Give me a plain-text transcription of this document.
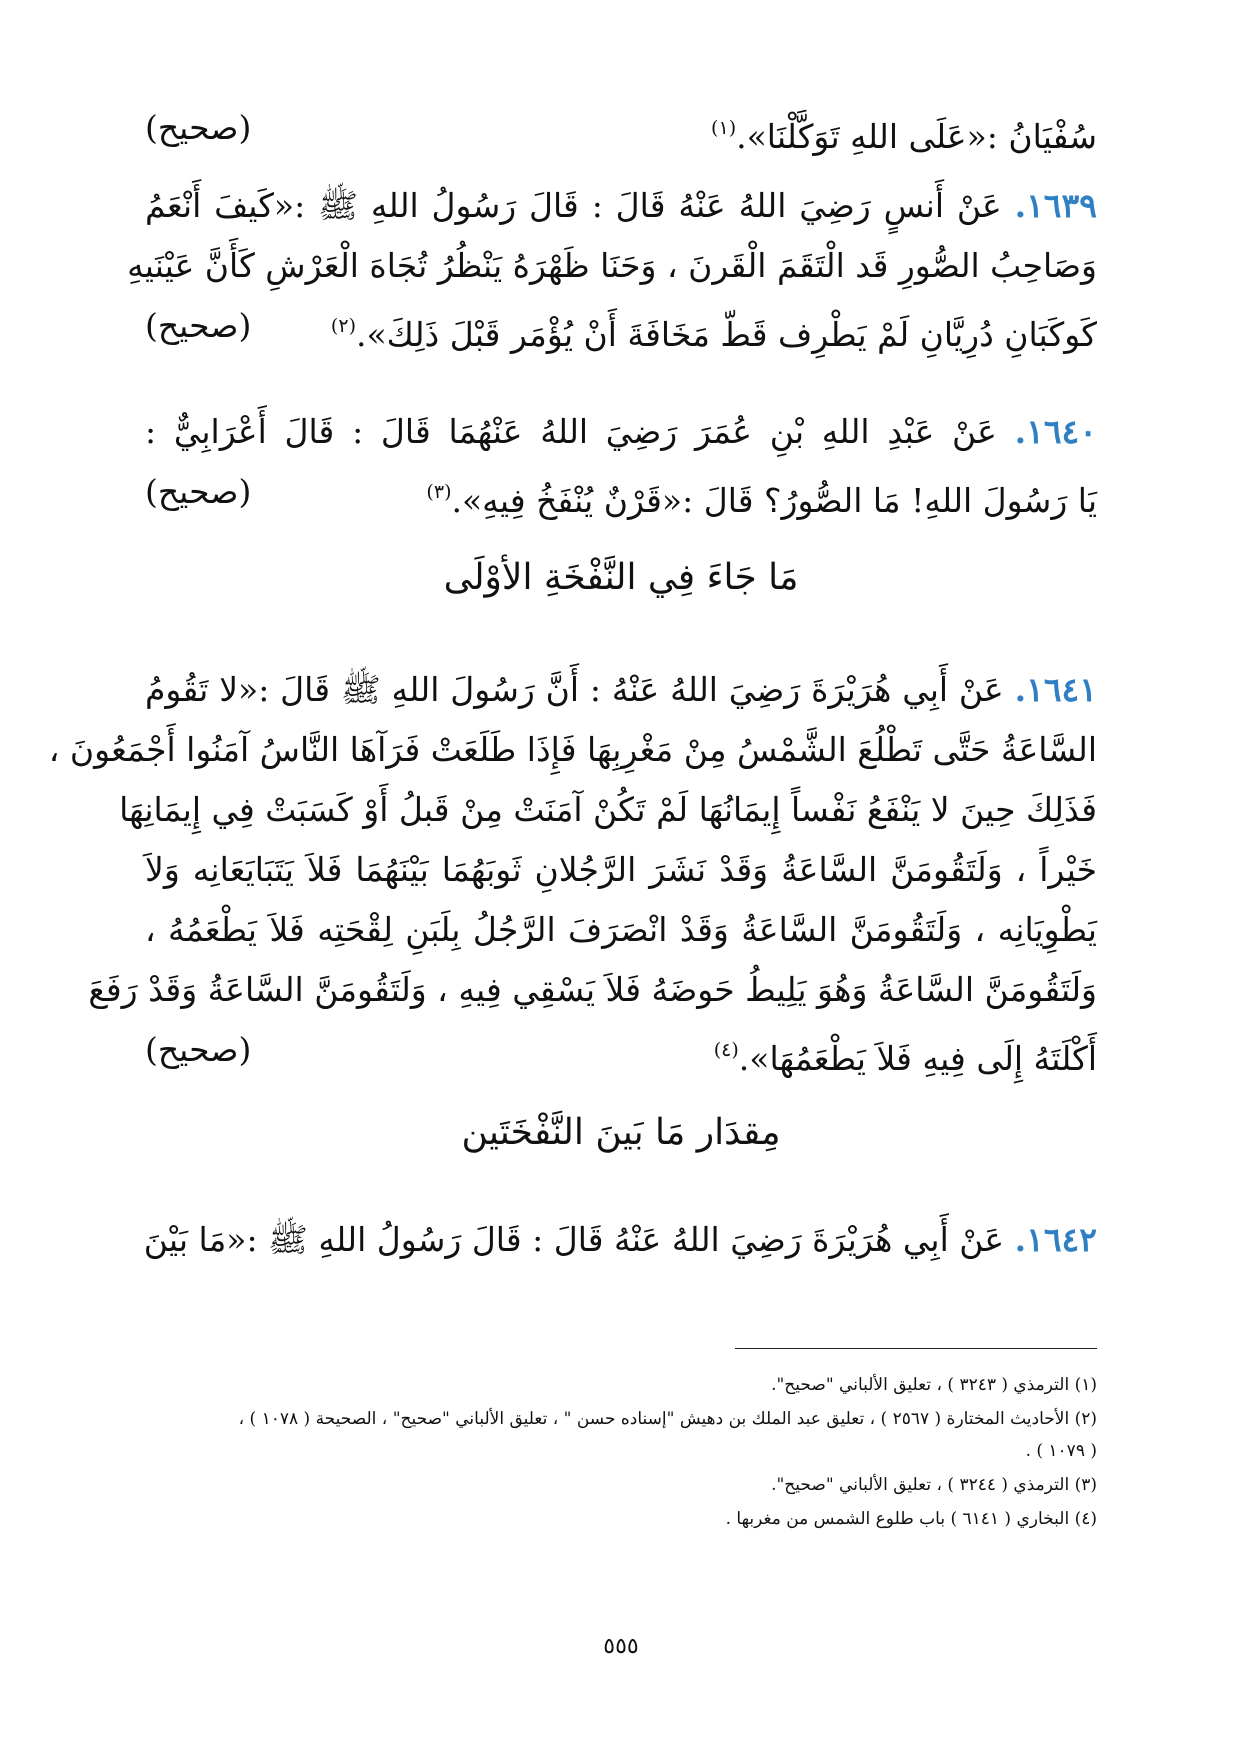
سُفْيَانُ :«عَلَى اللهِ تَوَكَّلْنَا».$^{(١)}$
(صحيح)
١٦٣٩. عَنْ أَنسٍ رَضِيَ اللهُ عَنْهُ قَالَ : قَالَ رَسُولُ اللهِ ﷺ :«كَيفَ أَنْعَمُ
وَصَاحِبُ الصُّورِ قَد الْتَقَمَ الْقَرنَ ، وَحَنَا ظَهْرَهُ يَنْظُرُ تُجَاهَ الْعَرْشِ كَأَنَّ عَيْنَيهِ
كَوكَبَانِ دُرِيَّانِ لَمْ يَطْرِف قَطّ مَخَافَةَ أَنْ يُؤْمَر قَبْلَ ذَلِكَ».$^{(٢)}$
(صحيح)
١٦٤٠. عَنْ عَبْدِ اللهِ بْنِ عُمَرَ رَضِيَ اللهُ عَنْهُمَا قَالَ : قَالَ أَعْرَابِيٌّ :
يَا رَسُولَ اللهِ! مَا الصُّورُ؟ قَالَ :«قَرْنٌ يُنْفَخُ فِيهِ».$^{(٣)}$
(صحيح)
مَا جَاءَ فِي النَّفْخَةِ الأوْلَى
١٦٤١. عَنْ أَبِي هُرَيْرَةَ رَضِيَ اللهُ عَنْهُ : أَنَّ رَسُولَ اللهِ ﷺ قَالَ :«لا تَقُومُ
السَّاعَةُ حَتَّى تَطْلُعَ الشَّمْسُ مِنْ مَغْرِبِهَا فَإِذَا طَلَعَتْ فَرَآهَا النَّاسُ آمَنُوا أَجْمَعُونَ ،
فَذَلِكَ حِينَ لا يَنْفَعُ نَفْساً إِيمَانُهَا لَمْ تَكُنْ آمَنَتْ مِنْ قَبلُ أَوْ كَسَبَتْ فِي إِيمَانِهَا
خَيْراً ، وَلَتَقُومَنَّ السَّاعَةُ وَقَدْ نَشَرَ الرَّجُلانِ ثَوبَهُمَا بَيْنَهُمَا فَلاَ يَتَبَايَعَانِه وَلاَ
يَطْوِيَانِه ، وَلَتَقُومَنَّ السَّاعَةُ وَقَدْ انْصَرَفَ الرَّجُلُ بِلَبَنِ لِقْحَتِه فَلاَ يَطْعَمُهُ ،
وَلَتَقُومَنَّ السَّاعَةُ وَهُوَ يَلِيطُ حَوضَهُ فَلاَ يَسْقِي فِيهِ ، وَلَتَقُومَنَّ السَّاعَةُ وَقَدْ رَفَعَ
أَكْلَتَهُ إِلَى فِيهِ فَلاَ يَطْعَمُهَا».$^{(٤)}$
(صحيح)
مِقدَار مَا بَينَ النَّفْخَتَين
١٦٤٢. عَنْ أَبِي هُرَيْرَةَ رَضِيَ اللهُ عَنْهُ قَالَ : قَالَ رَسُولُ اللهِ ﷺ :«مَا بَيْنَ
(١) الترمذي ( ٣٢٤٣ ) ، تعليق الألباني "صحيح".
(٢) الأحاديث المختارة ( ٢٥٦٧ ) ، تعليق عبد الملك بن دهيش "إسناده حسن " ، تعليق الألباني "صحيح" ، الصحيحة ( ١٠٧٨ ) ،
( ١٠٧٩ ) .
(٣) الترمذي ( ٣٢٤٤ ) ، تعليق الألباني "صحيح".
(٤) البخاري ( ٦١٤١ ) باب طلوع الشمس من مغربها .
٥٥٥
